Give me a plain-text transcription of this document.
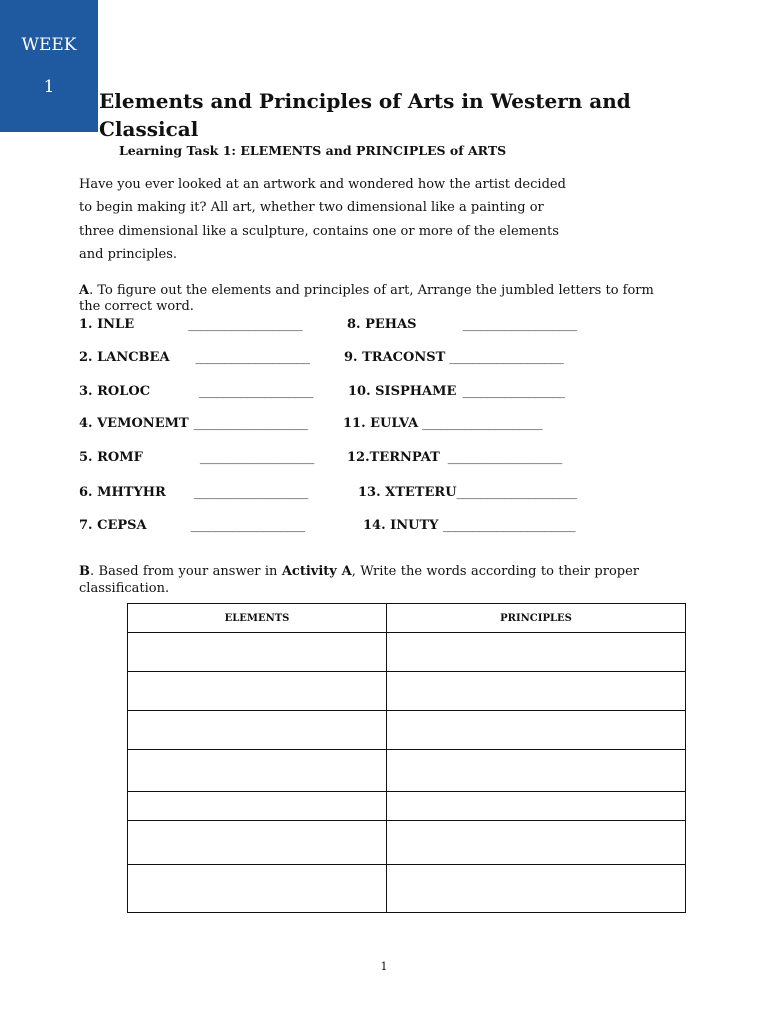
WEEK
1
Elements and Principles of Arts in Western and Classical

Learning Task 1: ELEMENTS and PRINCIPLES of ARTS

Have you ever looked at an artwork and wondered how the artist decided
to begin making it? All art, whether two dimensional like a painting or
three dimensional like a sculpture, contains one or more of the elements
and principles.

A. To figure out the elements and principles of art, Arrange the jumbled letters to form the correct word.

1. INLE	___________________	8. PEHAS	___________________
2. LANCBEA ___________________	9. TRACONST ___________________
3. ROLOC	___________________	10. SISPHAME _________________
4. VEMONEMT ___________________	11. EULVA ____________________
5. ROMF	___________________	12.TERNPAT ___________________
6. MHTYHR ___________________	13. XTETERU____________________
7. CEPSA	___________________	14. INUTY ______________________

B. Based from your answer in Activity A, Write the words according to their proper classification.

ELEMENTS	PRINCIPLES

1
